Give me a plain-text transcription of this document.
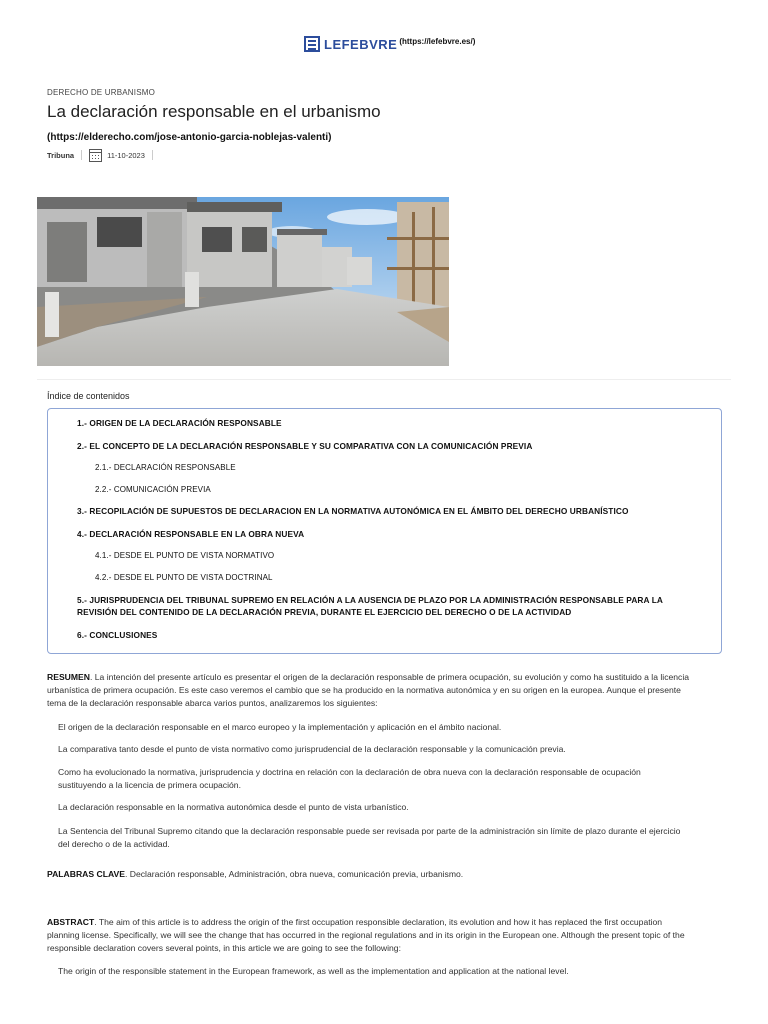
LEFEBVRE (https://lefebvre.es/)
DERECHO DE URBANISMO
La declaración responsable en el urbanismo
(https://elderecho.com/jose-antonio-garcia-noblejas-valenti)
Tribuna	11-10-2023
Índice de contenidos
1.- ORIGEN DE LA DECLARACIÓN RESPONSABLE
2.- EL CONCEPTO DE LA DECLARACIÓN RESPONSABLE Y SU COMPARATIVA CON LA COMUNICACIÓN PREVIA
2.1.- DECLARACIÓN RESPONSABLE
2.2.- COMUNICACIÓN PREVIA
3.- RECOPILACIÓN DE SUPUESTOS DE DECLARACION EN LA NORMATIVA AUTONÓMICA EN EL ÁMBITO DEL DERECHO URBANÍSTICO
4.- DECLARACIÓN RESPONSABLE EN LA OBRA NUEVA
4.1.- DESDE EL PUNTO DE VISTA NORMATIVO
4.2.- DESDE EL PUNTO DE VISTA DOCTRINAL
5.- JURISPRUDENCIA DEL TRIBUNAL SUPREMO EN RELACIÓN A LA AUSENCIA DE PLAZO POR LA ADMINISTRACIÓN RESPONSABLE PARA LA
REVISIÓN DEL CONTENIDO DE LA DECLARACIÓN PREVIA, DURANTE EL EJERCICIO DEL DERECHO O DE LA ACTIVIDAD
6.- CONCLUSIONES
RESUMEN. La intención del presente artículo es presentar el origen de la declaración responsable de primera ocupación, su evolución y como ha sustituido a la licencia
urbanística de primera ocupación. Es este caso veremos el cambio que se ha producido en la normativa autonómica y en su origen en la europea. Aunque el presente
tema de la declaración responsable abarca varios puntos, analizaremos los siguientes:
El origen de la declaración responsable en el marco europeo y la implementación y aplicación en el ámbito nacional.
La comparativa tanto desde el punto de vista normativo como jurisprudencial de la declaración responsable y la comunicación previa.
Como ha evolucionado la normativa, jurisprudencia y doctrina en relación con la declaración de obra nueva con la declaración responsable de ocupación
sustituyendo a la licencia de primera ocupación.
La declaración responsable en la normativa autonómica desde el punto de vista urbanístico.
La Sentencia del Tribunal Supremo citando que la declaración responsable puede ser revisada por parte de la administración sin límite de plazo durante el ejercicio
del derecho o de la actividad.
PALABRAS CLAVE. Declaración responsable, Administración, obra nueva, comunicación previa, urbanismo.
ABSTRACT. The aim of this article is to address the origin of the first occupation responsible declaration, its evolution and how it has replaced the first occupation
planning license. Specifically, we will see the change that has occurred in the regional regulations and in its origin in the European one. Although the present topic of the
responsible declaration covers several points, in this article we are going to see the following:
The origin of the responsible statement in the European framework, as well as the implementation and application at the national level.
